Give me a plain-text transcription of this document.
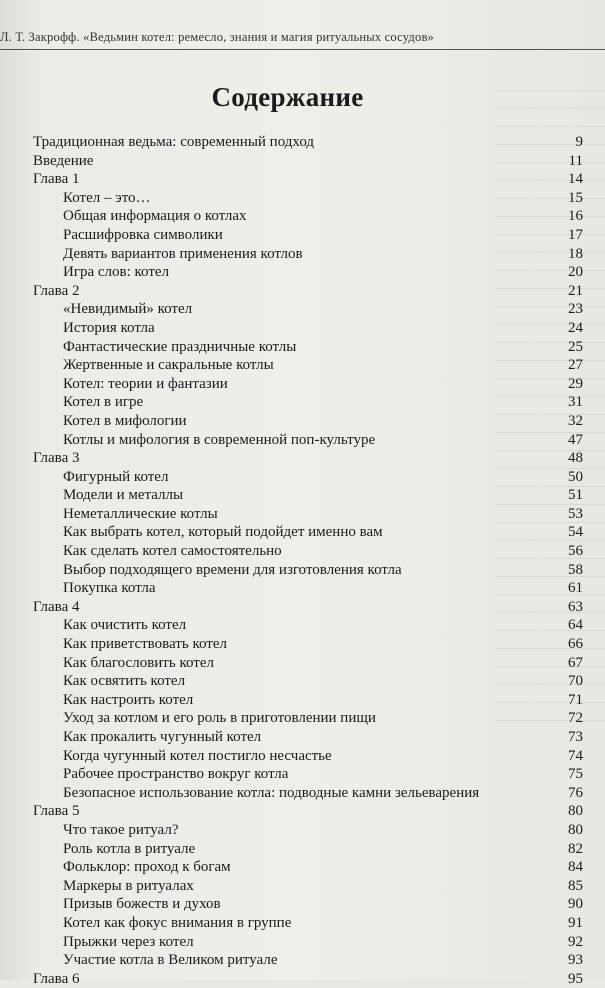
Л. Т. Закрофф. «Ведьмин котел: ремесло, знания и магия ритуальных сосудов»
Содержание
Традиционная ведьма: современный подход	9
Введение	11
Глава 1	14
Котел – это…	15
Общая информация о котлах	16
Расшифровка символики	17
Девять вариантов применения котлов	18
Игра слов: котел	20
Глава 2	21
«Невидимый» котел	23
История котла	24
Фантастические праздничные котлы	25
Жертвенные и сакральные котлы	27
Котел: теории и фантазии	29
Котел в игре	31
Котел в мифологии	32
Котлы и мифология в современной поп-культуре	47
Глава 3	48
Фигурный котел	50
Модели и металлы	51
Неметаллические котлы	53
Как выбрать котел, который подойдет именно вам	54
Как сделать котел самостоятельно	56
Выбор подходящего времени для изготовления котла	58
Покупка котла	61
Глава 4	63
Как очистить котел	64
Как приветствовать котел	66
Как благословить котел	67
Как освятить котел	70
Как настроить котел	71
Уход за котлом и его роль в приготовлении пищи	72
Как прокалить чугунный котел	73
Когда чугунный котел постигло несчастье	74
Рабочее пространство вокруг котла	75
Безопасное использование котла: подводные камни зельеварения	76
Глава 5	80
Что такое ритуал?	80
Роль котла в ритуале	82
Фольклор: проход к богам	84
Маркеры в ритуалах	85
Призыв божеств и духов	90
Котел как фокус внимания в группе	91
Прыжки через котел	92
Участие котла в Великом ритуале	93
Глава 6	95
